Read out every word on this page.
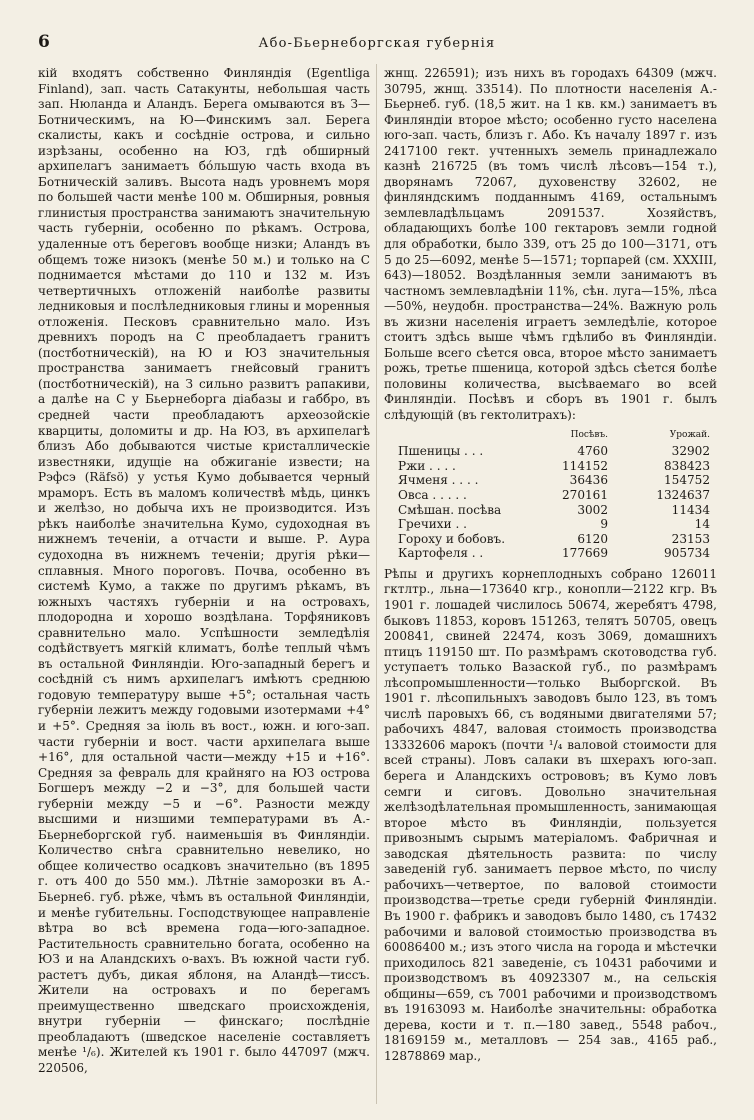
6	Або-Бьернеборгская губернія

кій входятъ собственно Финляндія (Egentliga Finland), зап. часть Сатакунты, небольшая часть зап. Нюланда и Аландъ. Берега омываются въ З—Ботническимъ, на Ю—Финскимъ зал. Берега скалисты, какъ и сосѣдніе острова, и сильно изрѣзаны, особенно на ЮЗ, гдѣ обширный архипелагъ занимаетъ бо́льшую часть входа въ Ботническій заливъ. Высота надъ уровнемъ моря по большей части менѣе 100 м. Обширныя, ровныя глинистыя пространства занимаютъ значительную часть губерніи, особенно по рѣкамъ. Острова, удаленные отъ береговъ вообще низки; Аландъ въ общемъ тоже низокъ (менѣе 50 м.) и только на С поднимается мѣстами до 110 и 132 м. Изъ четвертичныхъ отложеній наиболѣе развиты ледниковыя и послѣледниковыя глины и моренныя отложенія. Песковъ сравнительно мало. Изъ древнихъ породъ на С преобладаетъ гранитъ (постботническій), на Ю и ЮЗ значительныя пространства занимаетъ гнейсовый гранитъ (постботническій), на З сильно развитъ рапакиви, а далѣе на С у Бьернеборга діабазы и габбро, въ средней части преобладаютъ археозойскіе кварциты, доломиты и др. На ЮЗ, въ архипелагѣ близъ Або добываются чистые кристаллическіе известняки, идущіе на обжиганіе извести; на Рэфсэ (Räfsö) у устья Кумо добывается черный мраморъ. Есть въ маломъ количествѣ мѣдь, цинкъ и желѣзо, но добыча ихъ не производится. Изъ рѣкъ наиболѣе значительна Кумо, судоходная въ нижнемъ теченіи, а отчасти и выше. Р. Аура судоходна въ нижнемъ теченіи; другія рѣки—сплавныя. Много пороговъ. Почва, особенно въ системѣ Кумо, а также по другимъ рѣкамъ, въ южныхъ частяхъ губерніи и на островахъ, плодородна и хорошо воздѣлана. Торфяниковъ сравнительно мало. Успѣшности земледѣлія содѣйствуетъ мягкій климатъ, болѣе теплый чѣмъ въ остальной Финляндіи. Юго-западный берегъ и сосѣдній съ нимъ архипелагъ имѣютъ среднюю годовую температуру выше +5°; остальная часть губерніи лежитъ между годовыми изотермами +4° и +5°. Средняя за іюль въ вост., южн. и юго-зап. части губерніи и вост. части архипелага выше +16°, для остальной части—между +15 и +16°. Средняя за февраль для крайняго на ЮЗ острова Богшеръ между −2 и −3°, для большей части губерніи между −5 и −6°. Разности между высшими и низшими температурами въ А.-Бьернеборгской губ. наименьшія въ Финляндіи. Количество снѣга сравнительно невелико, но общее количество осадковъ значительно (въ 1895 г. отъ 400 до 550 мм.). Лѣтніе заморозки въ А.-Бьерне6. губ. рѣже, чѣмъ въ остальной Финляндіи, и менѣе губительны. Господствующее направленіе вѣтра во всѣ времена года—юго-западное. Растительность сравнительно богата, особенно на ЮЗ и на Аландскихъ о-вахъ. Въ южной части губ. растетъ дубъ, дикая яблоня, на Аландѣ—тиссъ. Жители на островахъ и по берегамъ преимущественно шведскаго происхожденія, внутри губерніи — финскаго; послѣдніе преобладаютъ (шведское населеніе составляетъ менѣе ¹/₆). Жителей къ 1901 г. было 447097 (мжч. 220506,

жнщ. 226591); изъ нихъ въ городахъ 64309 (мжч. 30795, жнщ. 33514). По плотности населенія А.-Бьернеб. губ. (18,5 жит. на 1 кв. км.) занимаетъ въ Финляндіи второе мѣсто; особенно густо населена юго-зап. часть, близъ г. Або. Къ началу 1897 г. изъ 2417100 гект. учтенныхъ земель принадлежало казнѣ 216725 (въ томъ числѣ лѣсовъ—154 т.), дворянамъ 72067, духовенству 32602, не финляндскимъ подданнымъ 4169, остальнымъ землевладѣльцамъ 2091537. Хозяйствъ, обладающихъ болѣе 100 гектаровъ земли годной для обработки, было 339, отъ 25 до 100—3171, отъ 5 до 25—6092, менѣе 5—1571; торпарей (см. XXXIII, 643)—18052. Воздѣланныя земли занимаютъ въ частномъ землевладѣніи 11%, сѣн. луга—15%, лѣса—50%, неудобн. пространства—24%. Важную роль въ жизни населенія играетъ земледѣліе, которое стоитъ здѣсь выше чѣмъ гдѣлибо въ Финляндіи. Больше всего сѣется овса, второе мѣсто занимаетъ рожь, третье пшеница, которой здѣсь сѣется болѣе половины количества, высѣваемаго во всей Финляндіи. Посѣвъ и сборъ въ 1901 г. былъ слѣдующій (въ гектолитрахъ):

	Посѣвъ.	Урожай.
Пшеницы . . .	4760	32902
Ржи . . . .	114152	838423
Ячменя . . . .	36436	154752
Овса . . . . .	270161	1324637
Смѣшан. посѣва	3002	11434
Гречихи . .	9	14
Гороху и бобовъ.	6120	23153
Картофеля . .	177669	905734

Рѣпы и другихъ корнеплодныхъ собрано 126011 гктлтр., льна—173640 кгр., конопли—2122 кгр. Въ 1901 г. лошадей числилось 50674, жеребятъ 4798, быковъ 11853, коровъ 151263, телятъ 50705, овецъ 200841, свиней 22474, козъ 3069, домашнихъ птицъ 119150 шт. По размѣрамъ скотоводства губ. уступаетъ только Вазаской губ., по размѣрамъ лѣсопромышленности—только Выборгской. Въ 1901 г. лѣсопильныхъ заводовъ было 123, въ томъ числѣ паровыхъ 66, съ водяными двигателями 57; рабочихъ 4847, валовая стоимость производства 13332606 марокъ (почти ¹/₄ валовой стоимости для всей страны). Ловъ салаки въ шхерахъ юго-зап. берега и Аландскихъ острововъ; въ Кумо ловъ семги и сиговъ. Довольно значительная желѣзодѣлательная промышленность, занимающая второе мѣсто въ Финляндіи, пользуется привознымъ сырымъ матеріаломъ. Фабричная и заводская дѣятельность развита: по числу заведеній губ. занимаетъ первое мѣсто, по числу рабочихъ—четвертое, по валовой стоимости производства—третье среди губерній Финляндіи. Въ 1900 г. фабрикъ и заводовъ было 1480, съ 17432 рабочими и валовой стоимостью производства въ 60086400 м.; изъ этого числа на города и мѣстечки приходилось 821 заведеніе, съ 10431 рабочими и производствомъ въ 40923307 м., на сельскія общины—659, съ 7001 рабочими и производствомъ въ 19163093 м. Наиболѣе значительны: обработка дерева, кости и т. п.—180 завед., 5548 рабоч., 18169159 м., металловъ — 254 зав., 4165 раб., 12878869 мар.,
